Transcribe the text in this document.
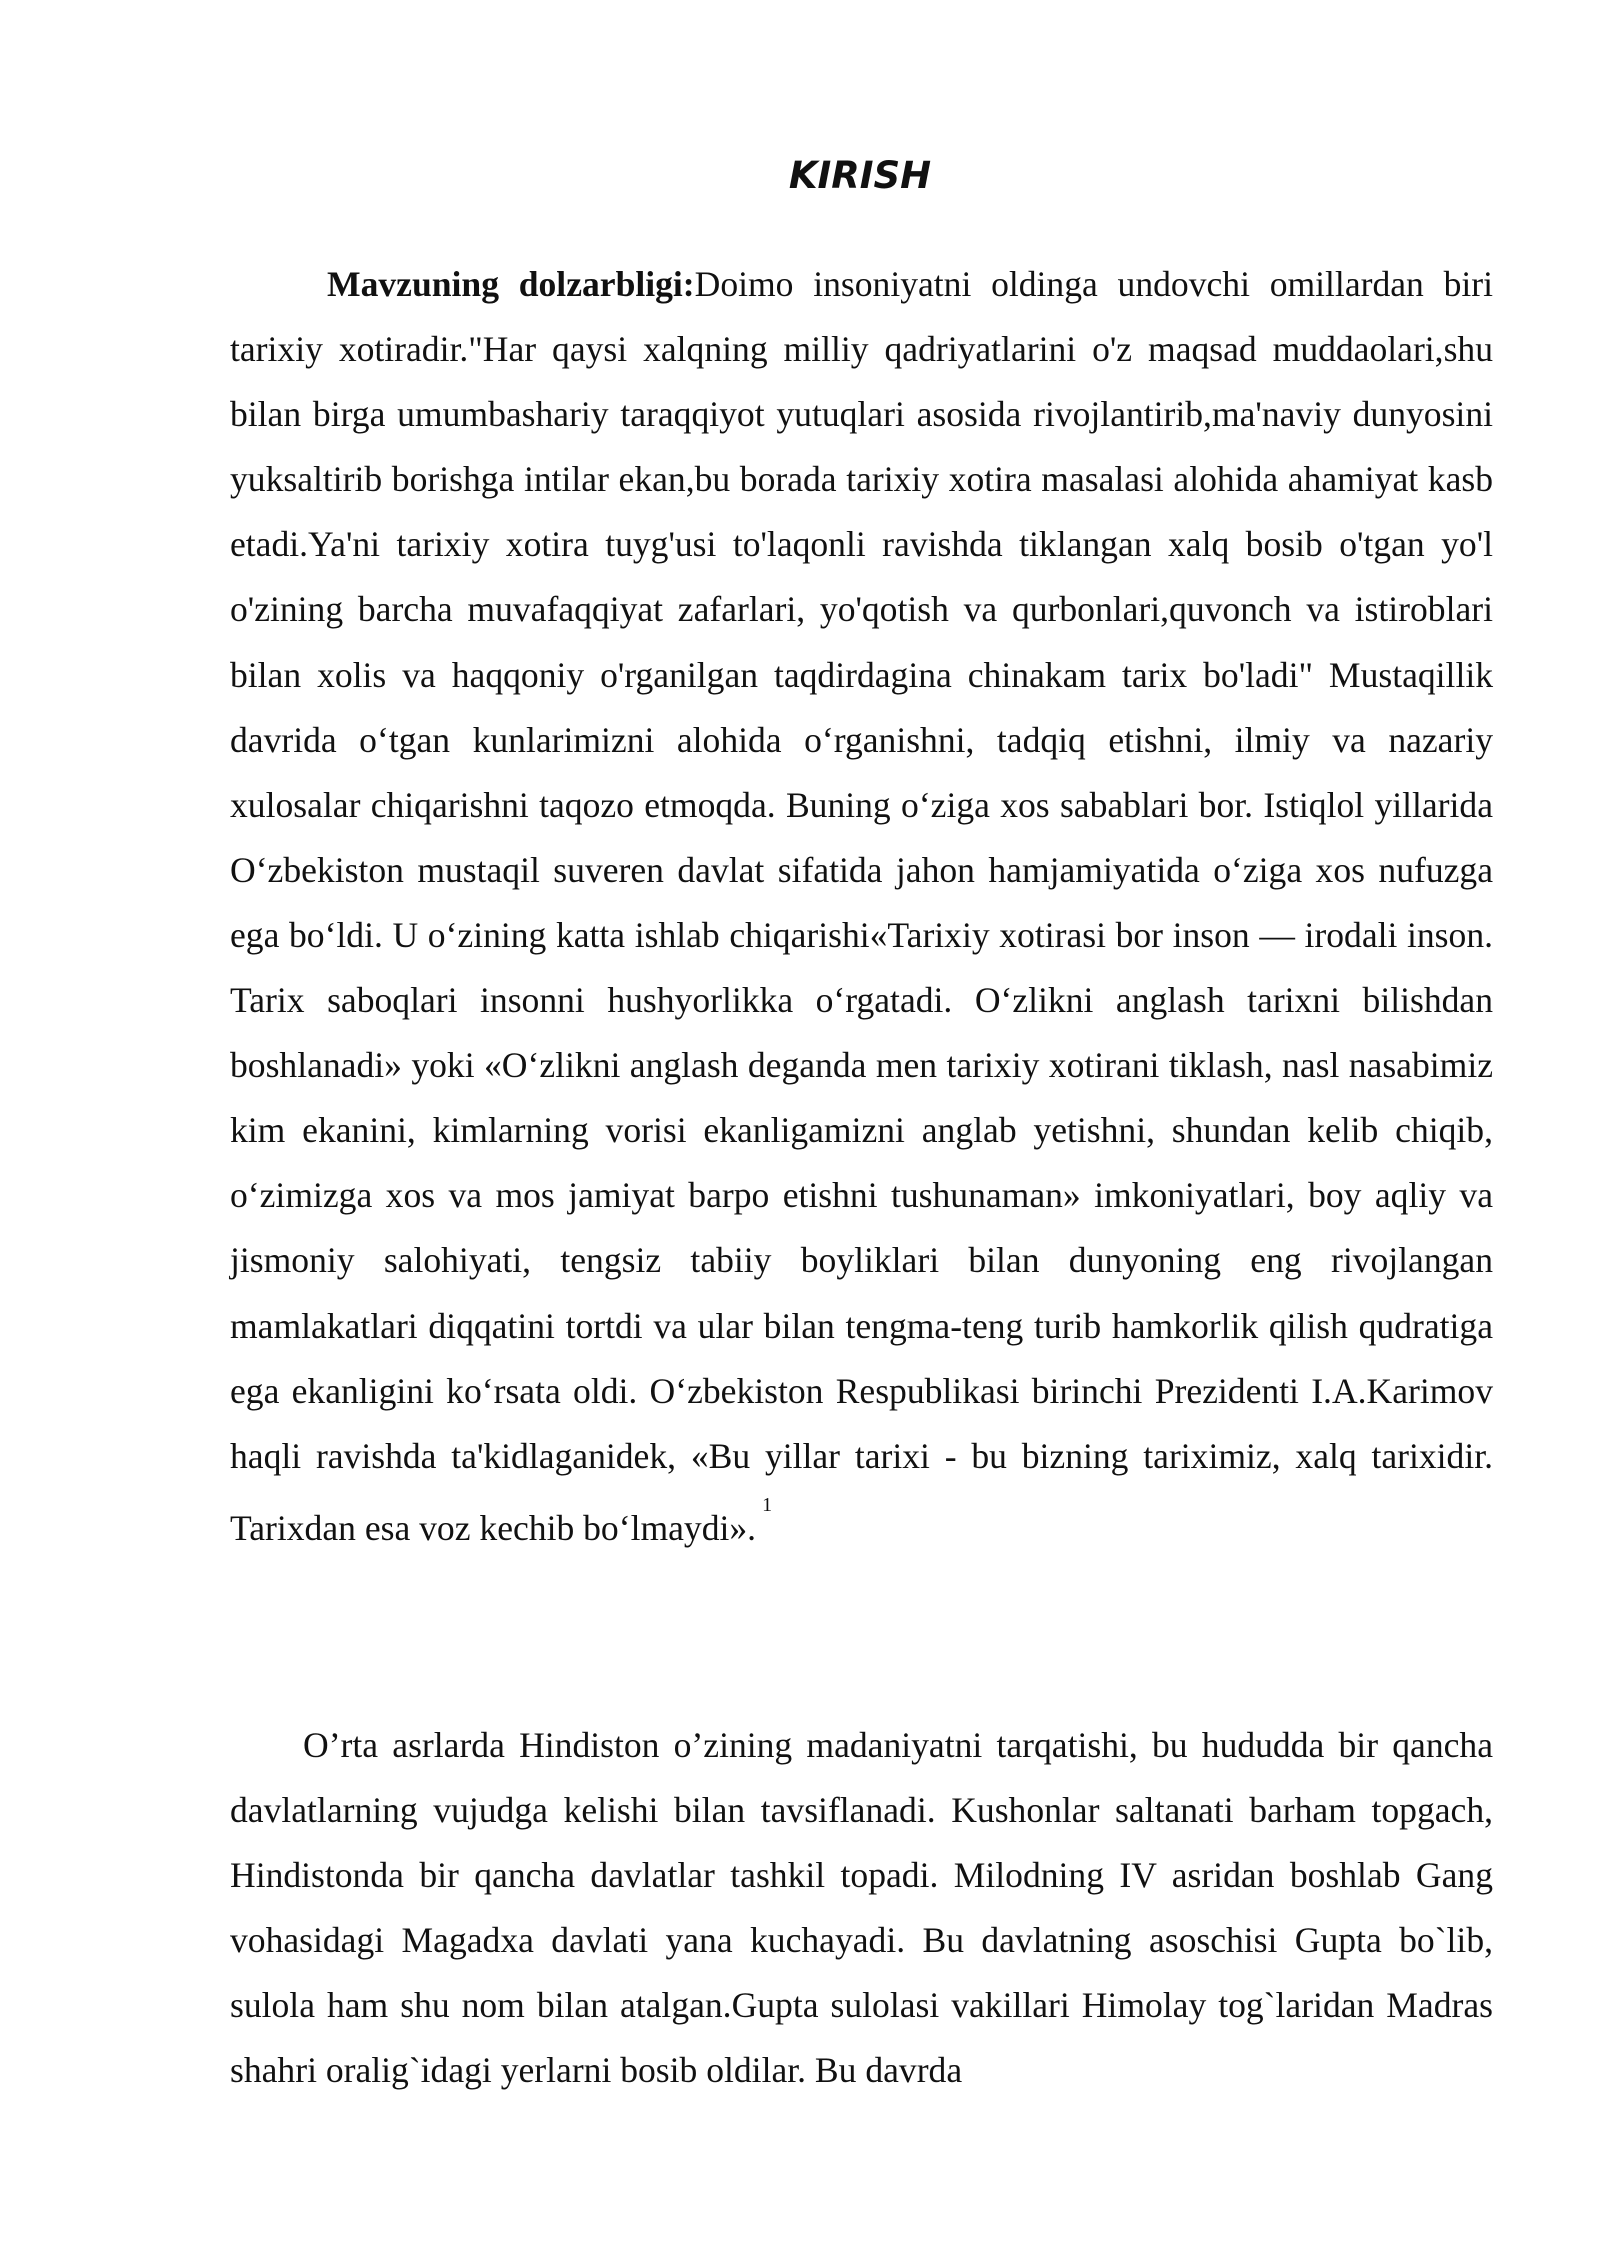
KIRISH

Mavzuning dolzarbligi:Doimo insoniyatni oldinga undovchi omillardan biri tarixiy xotiradir."Har qaysi xalqning milliy qadriyatlarini o'z maqsad muddaolari,shu bilan birga umumbashariy taraqqiyot yutuqlari asosida rivojlantirib,ma'naviy dunyosini yuksaltirib borishga intilar ekan,bu borada tarixiy xotira masalasi alohida ahamiyat kasb etadi.Ya'ni tarixiy xotira tuyg'usi to'laqonli ravishda tiklangan xalq bosib o'tgan yo'l o'zining barcha muvafaqqiyat zafarlari, yo'qotish va qurbonlari,quvonch va istiroblari bilan xolis va haqqoniy o'rganilgan taqdirdagina chinakam tarix bo'ladi" Mustaqillik davrida o‘tgan kunlarimizni alohida o‘rganishni, tadqiq etishni, ilmiy va nazariy xulosalar chiqarishni taqozo etmoqda. Buning o‘ziga xos sabablari bor. Istiqlol yillarida O‘zbekiston mustaqil suveren davlat sifatida jahon hamjamiyatida o‘ziga xos nufuzga ega bo‘ldi. U o‘zining katta ishlab chiqarishi«Tarixiy xotirasi bor inson — irodali inson. Tarix saboqlari insonni hushyorlikka o‘rgatadi. O‘zlikni anglash tarixni bilishdan boshlanadi» yoki «O‘zlikni anglash deganda men tarixiy xotirani tiklash, nasl nasabimiz kim ekanini, kimlarning vorisi ekanligamizni anglab yetishni, shundan kelib chiqib, o‘zimizga xos va mos jamiyat barpo etishni tushunaman» imkoniyatlari, boy aqliy va jismoniy salohiyati, tengsiz tabiiy boyliklari bilan dunyoning eng rivojlangan mamlakatlari diqqatini tortdi va ular bilan tengma-teng turib hamkorlik qilish qudratiga ega ekanligini ko‘rsata oldi. O‘zbekiston Respublikasi birinchi Prezidenti I.A.Karimov haqli ravishda ta'kidlaganidek, «Bu yillar tarixi - bu bizning tariximiz, xalq tarixidir. Tarixdan esa voz kechib bo‘lmaydi».$^1$

O’rta asrlarda Hindiston o’zining madaniyatni tarqatishi, bu hududda bir qancha davlatlarning vujudga kelishi bilan tavsiflanadi. Kushonlar saltanati barham topgach, Hindistonda bir qancha davlatlar tashkil topadi. Milodning IV asridan boshlab Gang vohasidagi Magadxa davlati yana kuchayadi. Bu davlatning asoschisi Gupta bo`lib, sulola ham shu nom bilan atalgan.Gupta sulolasi vakillari Himolay tog`laridan Madras shahri oralig`idagi yerlarni bosib oldilar. Bu davrda
